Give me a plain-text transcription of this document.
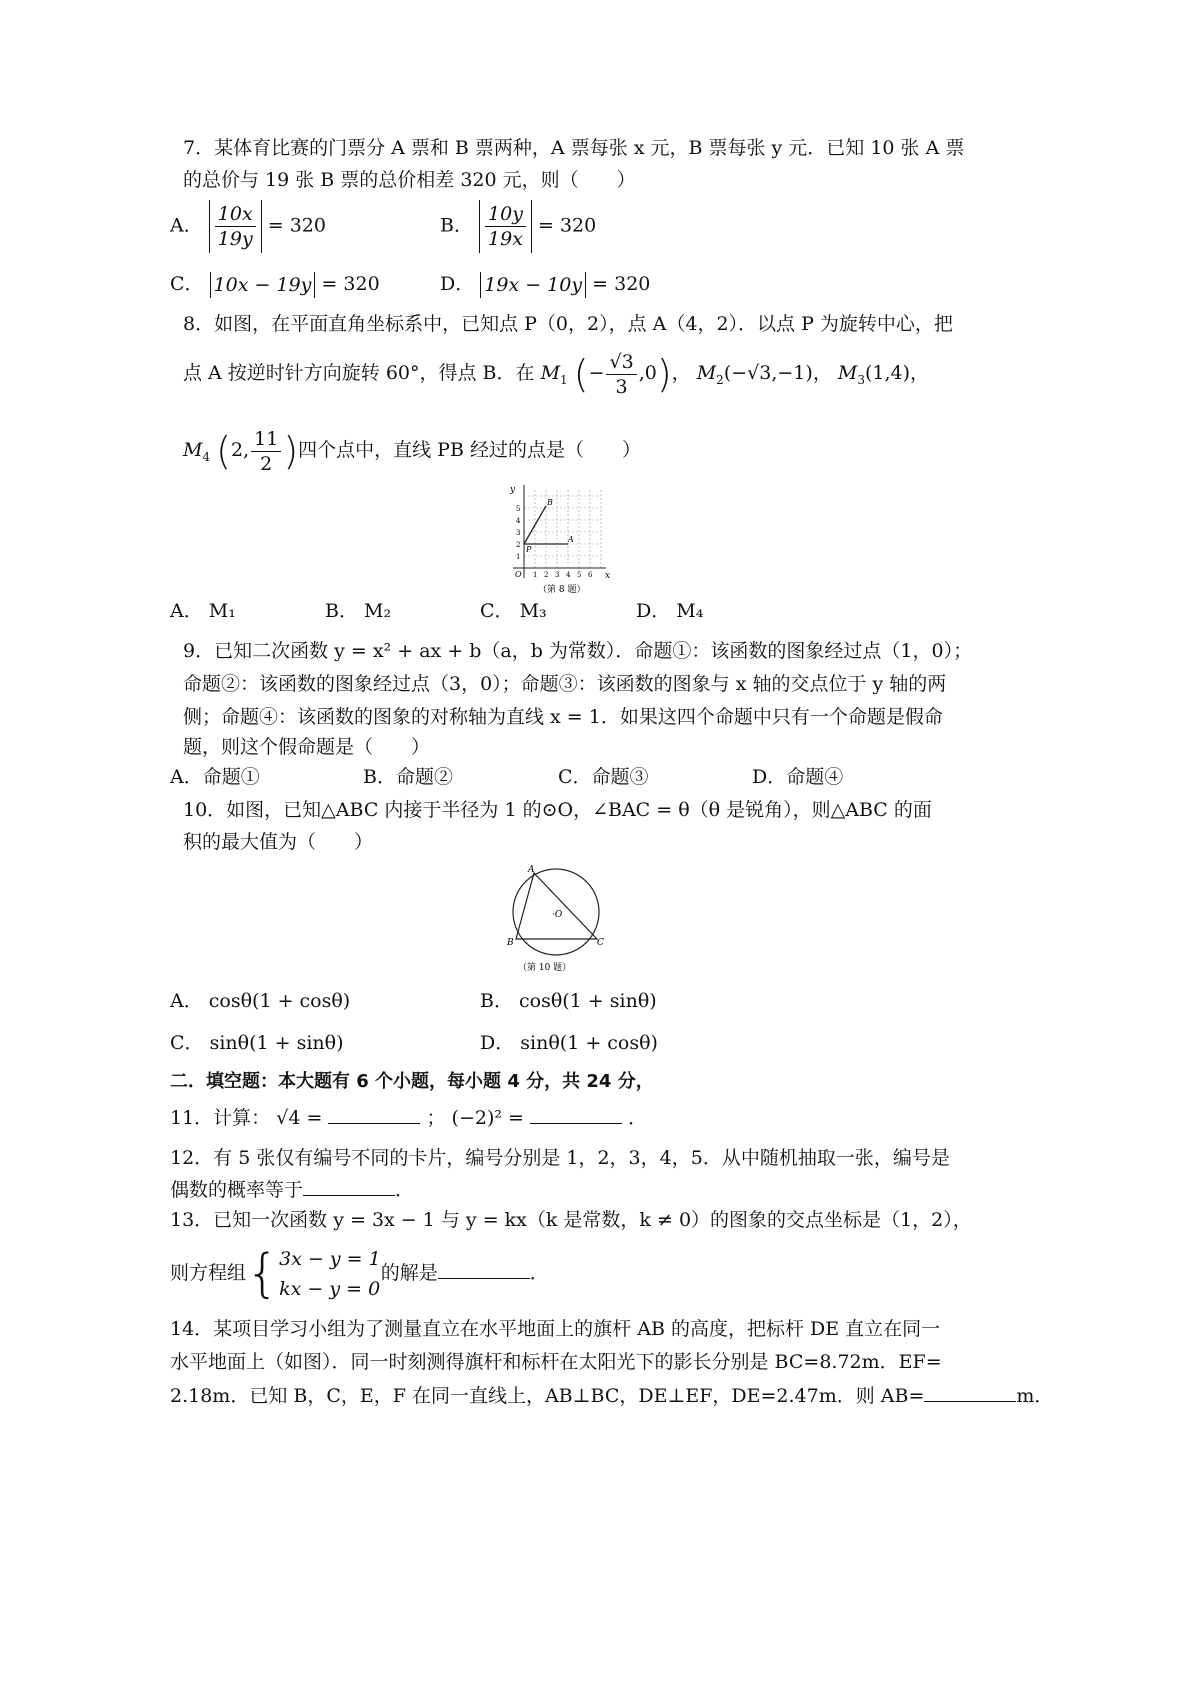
7．某体育比赛的门票分 A 票和 B 票两种，A 票每张 x 元，B 票每张 y 元．已知 10 张 A 票
的总价与 19 张 B 票的总价相差 320 元，则（　　）
A． $\frac{10x}{19y} = 320$	B． $\frac{10y}{19x} = 320$
C． 10x − 19y = 320	D． 19x − 10y = 320
8．如图，在平面直角坐标系中，已知点 P（0，2），点 A（4，2）．以点 P 为旋转中心，把
点 A 按逆时针方向旋转 60°，得点 B．在 $M_1$ (− $\frac{√3}{3} ,0$)， $M_2(-√3,-1)$， $M_3(1,4)$，
$M_4$ (2, $\frac{11}{2}$ )四个点中，直线 PB 经过的点是（　　）
y
x
O
B
A
P
1 2 3 4 5 6
1
2
3
4
5
（第 8 题）
A． M₁	B． M₂	C． M₃	D． M₄
9．已知二次函数 y = x² + ax + b（a，b 为常数）．命题①：该函数的图象经过点（1，0）；
命题②：该函数的图象经过点（3，0）；命题③：该函数的图象与 x 轴的交点位于 y 轴的两
侧；命题④：该函数的图象的对称轴为直线 x = 1．如果这四个命题中只有一个命题是假命
题，则这个假命题是（　　）
A．命题①	B．命题②	C．命题③	D．命题④
10．如图，已知△ABC 内接于半径为 1 的⊙O，∠BAC = θ（θ 是锐角），则△ABC 的面
积的最大值为（　　）
A
B	C
·O
（第 10 题）
A． cosθ(1 + cosθ)	B． cosθ(1 + sinθ)
C． sinθ(1 + sinθ)	D． sinθ(1 + cosθ)
二．填空题：本大题有 6 个小题，每小题 4 分，共 24 分，
11．计算： √4 =	； (−2)² =	．
12．有 5 张仅有编号不同的卡片，编号分别是 1，2，3，4，5．从中随机抽取一张，编号是
偶数的概率等于	．
13．已知一次函数 y = 3x − 1 与 y = kx（k 是常数，k ≠ 0）的图象的交点坐标是（1，2），
则方程组{ 3x − y = 1
kx − y = 0
的解是	．
14．某项目学习小组为了测量直立在水平地面上的旗杆 AB 的高度，把标杆 DE 直立在同一
水平地面上（如图）．同一时刻测得旗杆和标杆在太阳光下的影长分别是 BC=8.72m．EF=
2.18m．已知 B，C，E，F 在同一直线上，AB⊥BC，DE⊥EF，DE=2.47m．则 AB=	m．
